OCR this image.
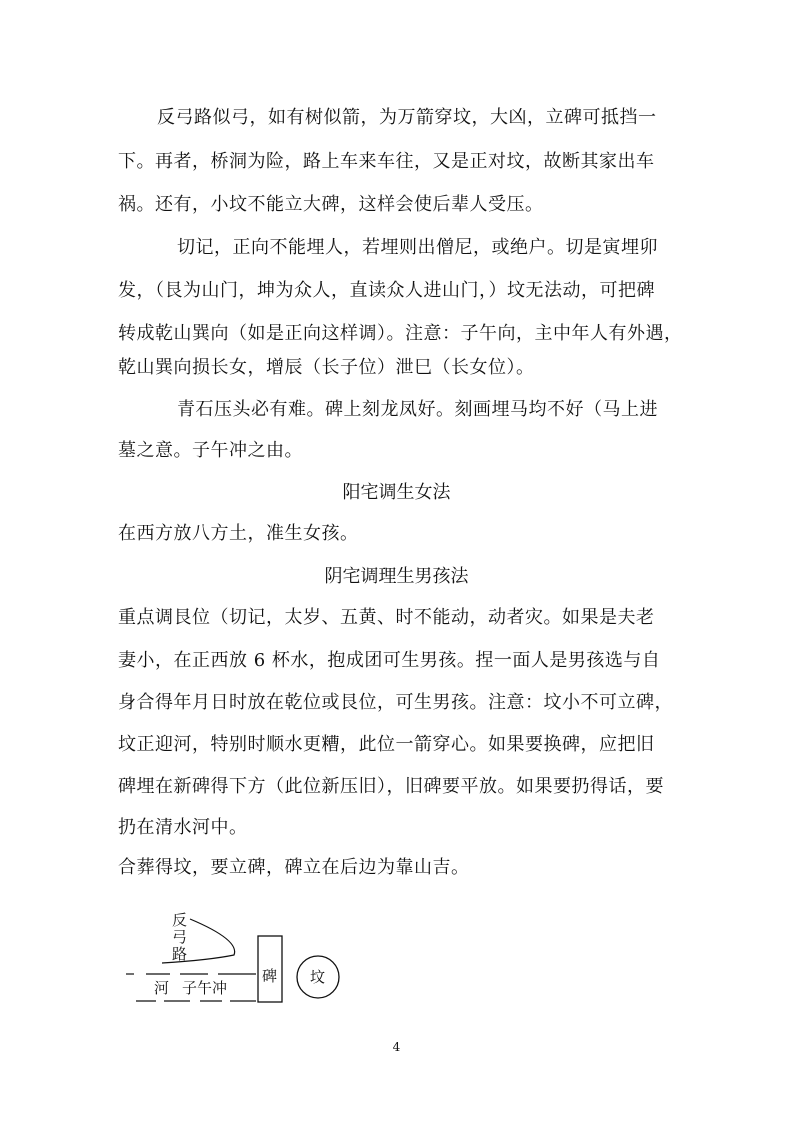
反弓路似弓，如有树似箭，为万箭穿坟，大凶，立碑可抵挡一
下。再者，桥洞为险，路上车来车往，又是正对坟，故断其家出车
祸。还有，小坟不能立大碑，这样会使后辈人受压。
切记，正向不能埋人，若埋则出僧尼，或绝户。切是寅埋卯
发，（艮为山门，坤为众人，直读众人进山门，）坟无法动，可把碑
转成乾山巽向（如是正向这样调）。注意：子午向，主中年人有外遇，
乾山巽向损长女，增辰（长子位）泄巳（长女位）。
青石压头必有难。碑上刻龙凤好。刻画埋马均不好（马上进
墓之意。子午冲之由。
阳宅调生女法
在西方放八方土，准生女孩。
阴宅调理生男孩法
重点调艮位（切记，太岁、五黄、时不能动，动者灾。如果是夫老
妻小，在正西放 6 杯水，抱成团可生男孩。捏一面人是男孩选与自
身合得年月日时放在乾位或艮位，可生男孩。注意：坟小不可立碑，
坟正迎河，特别时顺水更糟，此位一箭穿心。如果要换碑，应把旧
碑埋在新碑得下方（此位新压旧），旧碑要平放。如果要扔得话，要
扔在清水河中。
合葬得坟，要立碑，碑立在后边为靠山吉。
反
弓
路
河 子午冲
碑 坟
4
